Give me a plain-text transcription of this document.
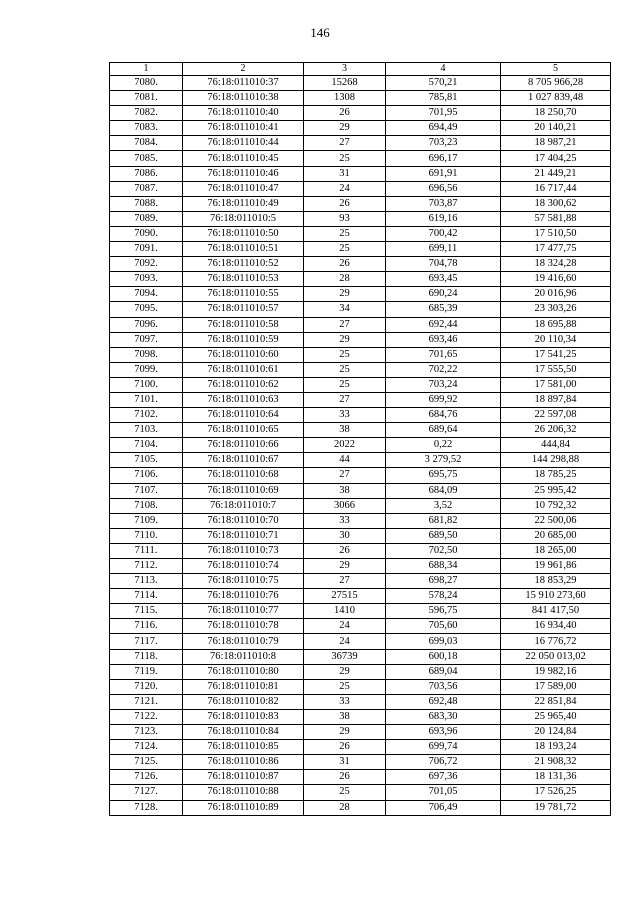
146
1	2	3	4	5
7080.	76:18:011010:37	15268	570,21	8 705 966,28
7081.	76:18:011010:38	1308	785,81	1 027 839,48
7082.	76:18:011010:40	26	701,95	18 250,70
7083.	76:18:011010:41	29	694,49	20 140,21
7084.	76:18:011010:44	27	703,23	18 987,21
7085.	76:18:011010:45	25	696,17	17 404,25
7086.	76:18:011010:46	31	691,91	21 449,21
7087.	76:18:011010:47	24	696,56	16 717,44
7088.	76:18:011010:49	26	703,87	18 300,62
7089.	76:18:011010:5	93	619,16	57 581,88
7090.	76:18:011010:50	25	700,42	17 510,50
7091.	76:18:011010:51	25	699,11	17 477,75
7092.	76:18:011010:52	26	704,78	18 324,28
7093.	76:18:011010:53	28	693,45	19 416,60
7094.	76:18:011010:55	29	690,24	20 016,96
7095.	76:18:011010:57	34	685,39	23 303,26
7096.	76:18:011010:58	27	692,44	18 695,88
7097.	76:18:011010:59	29	693,46	20 110,34
7098.	76:18:011010:60	25	701,65	17 541,25
7099.	76:18:011010:61	25	702,22	17 555,50
7100.	76:18:011010:62	25	703,24	17 581,00
7101.	76:18:011010:63	27	699,92	18 897,84
7102.	76:18:011010:64	33	684,76	22 597,08
7103.	76:18:011010:65	38	689,64	26 206,32
7104.	76:18:011010:66	2022	0,22	444,84
7105.	76:18:011010:67	44	3 279,52	144 298,88
7106.	76:18:011010:68	27	695,75	18 785,25
7107.	76:18:011010:69	38	684,09	25 995,42
7108.	76:18:011010:7	3066	3,52	10 792,32
7109.	76:18:011010:70	33	681,82	22 500,06
7110.	76:18:011010:71	30	689,50	20 685,00
7111.	76:18:011010:73	26	702,50	18 265,00
7112.	76:18:011010:74	29	688,34	19 961,86
7113.	76:18:011010:75	27	698,27	18 853,29
7114.	76:18:011010:76	27515	578,24	15 910 273,60
7115.	76:18:011010:77	1410	596,75	841 417,50
7116.	76:18:011010:78	24	705,60	16 934,40
7117.	76:18:011010:79	24	699,03	16 776,72
7118.	76:18:011010:8	36739	600,18	22 050 013,02
7119.	76:18:011010:80	29	689,04	19 982,16
7120.	76:18:011010:81	25	703,56	17 589,00
7121.	76:18:011010:82	33	692,48	22 851,84
7122.	76:18:011010:83	38	683,30	25 965,40
7123.	76:18:011010:84	29	693,96	20 124,84
7124.	76:18:011010:85	26	699,74	18 193,24
7125.	76:18:011010:86	31	706,72	21 908,32
7126.	76:18:011010:87	26	697,36	18 131,36
7127.	76:18:011010:88	25	701,05	17 526,25
7128.	76:18:011010:89	28	706,49	19 781,72
